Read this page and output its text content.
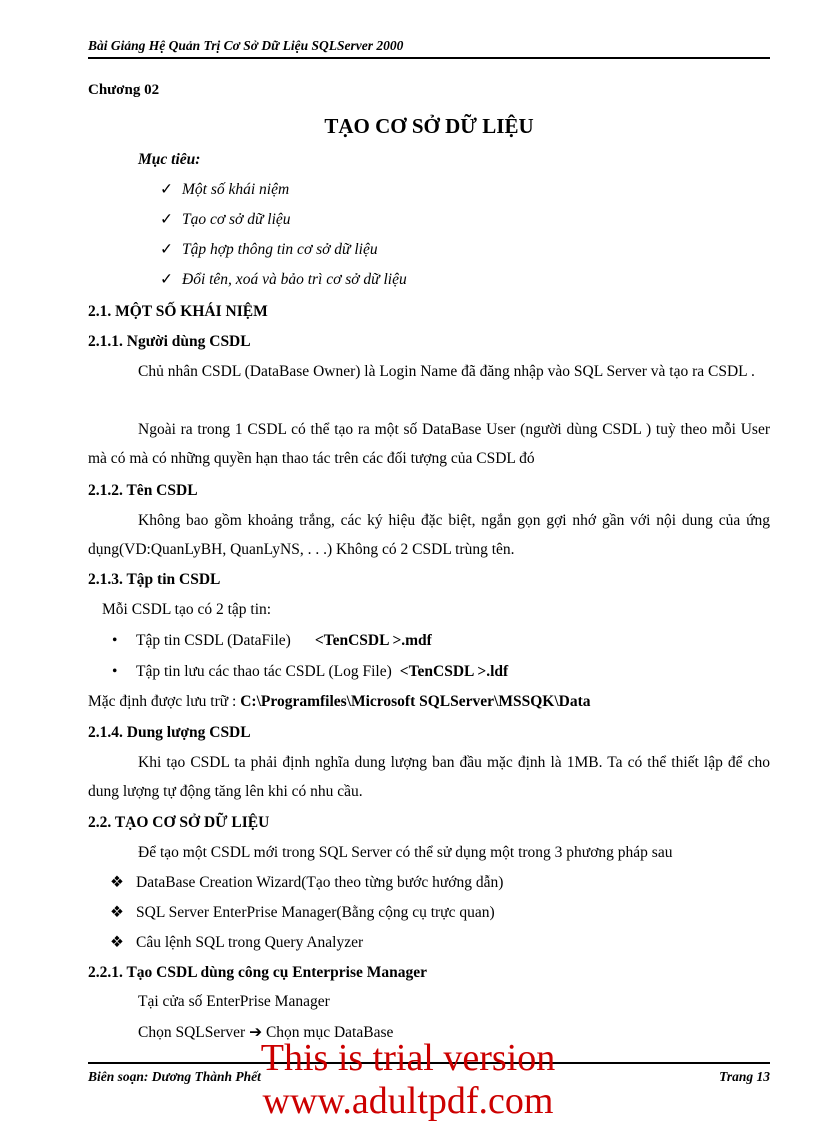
Bài Giảng Hệ Quản Trị Cơ Sở Dữ Liệu SQLServer 2000
Chương 02
TẠO CƠ SỞ DỮ LIỆU
Mục tiêu:
✓ Một số khái niệm
✓ Tạo cơ sở dữ liệu
✓ Tập hợp thông tin cơ sở dữ liệu
✓ Đổi tên, xoá và bảo trì cơ sở dữ liệu
2.1. MỘT SỐ KHÁI NIỆM
2.1.1. Người dùng CSDL
Chủ nhân CSDL (DataBase Owner) là Login Name đã đăng nhập vào SQL Server và tạo ra CSDL .
Ngoài ra trong 1 CSDL có thể tạo ra một số DataBase User (người dùng CSDL ) tuỳ theo mỗi User mà có mà có những quyền hạn thao tác trên các đối tượng của CSDL đó
2.1.2. Tên CSDL
Không bao gồm khoảng trắng, các ký hiệu đặc biệt, ngắn gọn gợi nhớ gần với nội dung của ứng dụng(VD:QuanLyBH, QuanLyNS, . . .) Không có 2 CSDL trùng tên.
2.1.3. Tập tin CSDL
Mỗi CSDL tạo có 2 tập tin:
• Tập tin CSDL (DataFile) <TenCSDL >.mdf
• Tập tin lưu các thao tác CSDL (Log File) <TenCSDL >.ldf
Mặc định được lưu trữ : C:\Programfiles\Microsoft SQLServer\MSSQK\Data
2.1.4. Dung lượng CSDL
Khi tạo CSDL ta phải định nghĩa dung lượng ban đầu mặc định là 1MB. Ta có thể thiết lập để cho dung lượng tự động tăng lên khi có nhu cầu.
2.2. TẠO CƠ SỞ DỮ LIỆU
Để tạo một CSDL mới trong SQL Server có thể sử dụng một trong 3 phương pháp sau
❖ DataBase Creation Wizard(Tạo theo từng bước hướng dẫn)
❖ SQL Server EnterPrise Manager(Bằng cộng cụ trực quan)
❖ Câu lệnh SQL trong Query Analyzer
2.2.1. Tạo CSDL dùng công cụ Enterprise Manager
Tại cửa số EnterPrise Manager
Chọn SQLServer ➔ Chọn mục DataBase
Biên soạn: Dương Thành Phết	Trang 13
This is trial version
www.adultpdf.com
